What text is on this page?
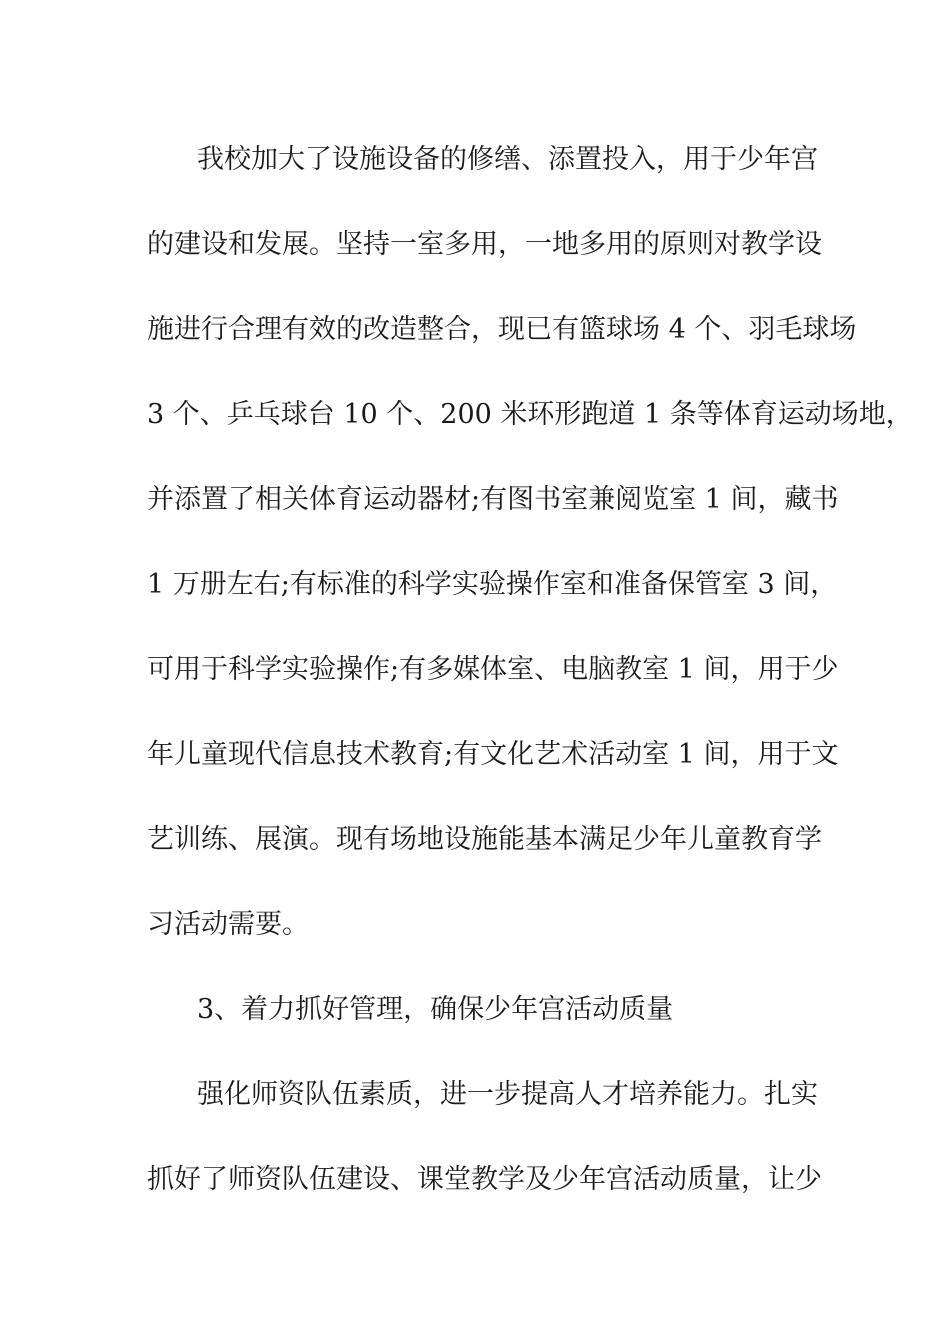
我校加大了设施设备的修缮、添置投入，用于少年宫
的建设和发展。坚持一室多用，一地多用的原则对教学设
施进行合理有效的改造整合，现已有篮球场 4 个、羽毛球场
3 个、乒乓球台 10 个、200 米环形跑道 1 条等体育运动场地，
并添置了相关体育运动器材;有图书室兼阅览室 1 间，藏书
1 万册左右;有标准的科学实验操作室和准备保管室 3 间，
可用于科学实验操作;有多媒体室、电脑教室 1 间，用于少
年儿童现代信息技术教育;有文化艺术活动室 1 间，用于文
艺训练、展演。现有场地设施能基本满足少年儿童教育学
习活动需要。
3、着力抓好管理，确保少年宫活动质量
强化师资队伍素质，进一步提高人才培养能力。扎实
抓好了师资队伍建设、课堂教学及少年宫活动质量，让少
